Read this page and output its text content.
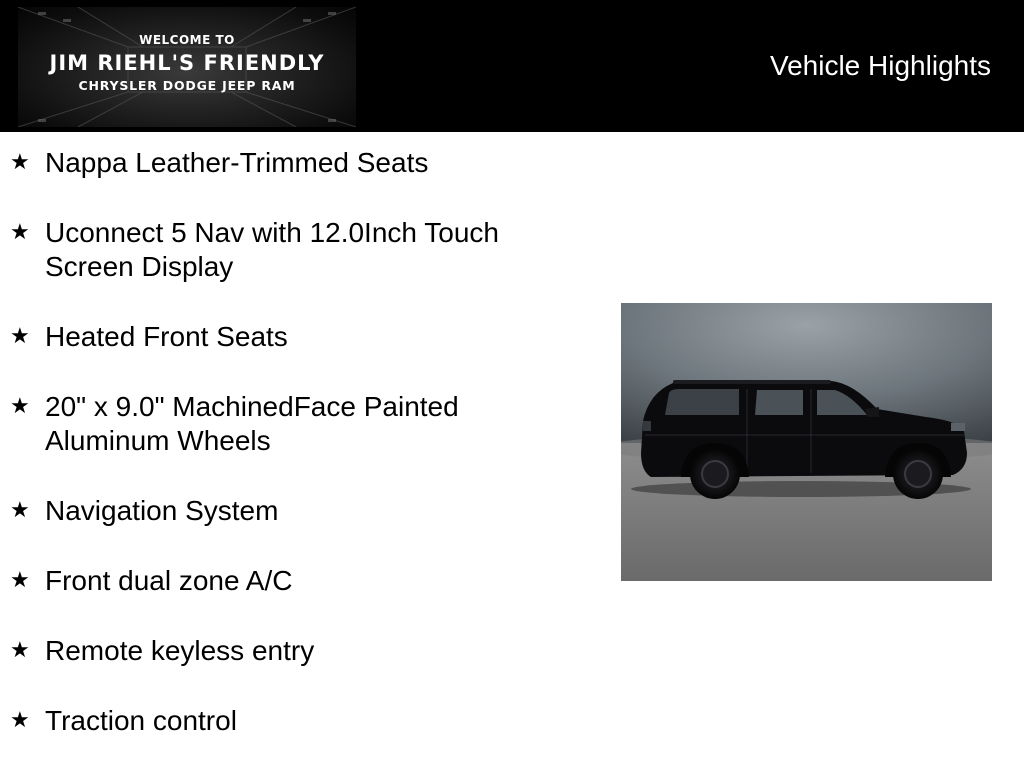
WELCOME TO
JIM RIEHL'S FRIENDLY
CHRYSLER DODGE JEEP RAM
Vehicle Highlights
★ Nappa Leather-Trimmed Seats
★ Uconnect 5 Nav with 12.0Inch Touch Screen Display
★ Heated Front Seats
★ 20" x 9.0" MachinedFace Painted Aluminum Wheels
★ Navigation System
★ Front dual zone A/C
★ Remote keyless entry
★ Traction control
